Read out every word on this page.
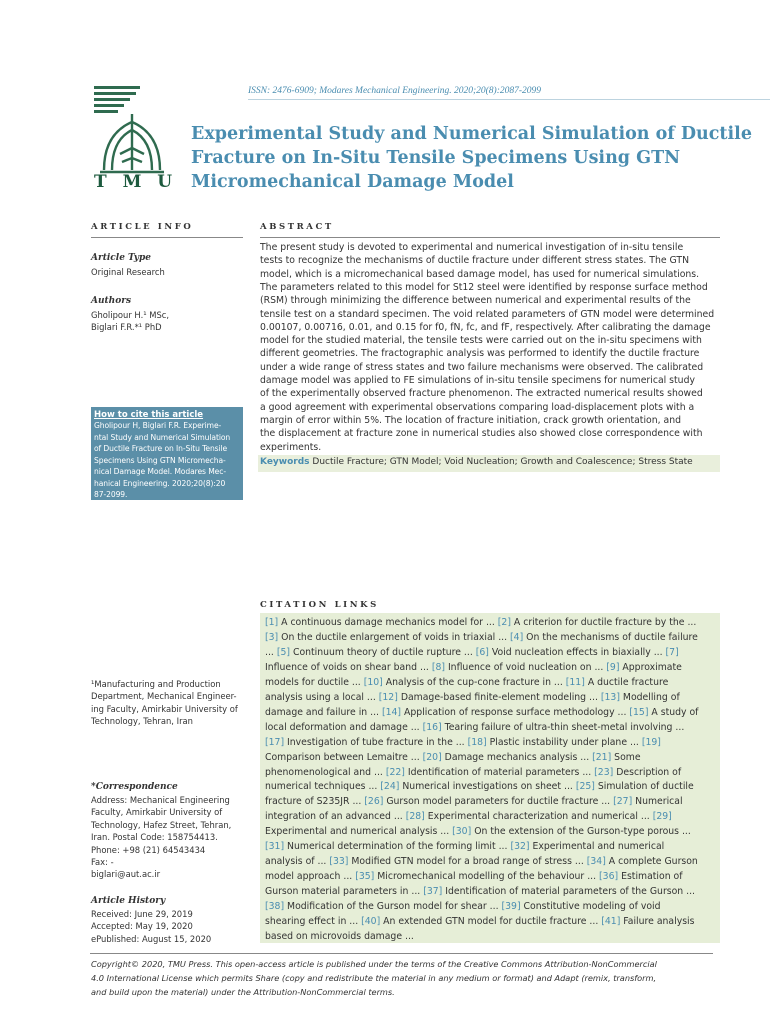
ISSN: 2476-6909; Modares Mechanical Engineering. 2020;20(8):2087-2099
T M U
Experimental Study and Numerical Simulation of Ductile
Fracture on In-Situ Tensile Specimens Using GTN
Micromechanical Damage Model
ARTICLE INFO
Article Type
Original Research
Authors
Gholipour H.¹ MSc,
Biglari F.R.*¹ PhD
How to cite this article
Gholipour H, Biglari F.R. Experime-
ntal Study and Numerical Simulation
of Ductile Fracture on In-Situ Tensile
Specimens Using GTN Micromecha-
nical Damage Model. Modares Mec-
hanical Engineering. 2020;20(8):20
87-2099.
¹Manufacturing and Production
Department, Mechanical Engineer-
ing Faculty, Amirkabir University of
Technology, Tehran, Iran
*Correspondence
Address: Mechanical Engineering
Faculty, Amirkabir University of
Technology, Hafez Street, Tehran,
Iran. Postal Code: 158754413.
Phone: +98 (21) 64543434
Fax: -
biglari@aut.ac.ir
Article History
Received: June 29, 2019
Accepted: May 19, 2020
ePublished: August 15, 2020
ABSTRACT
The present study is devoted to experimental and numerical investigation of in-situ tensile
tests to recognize the mechanisms of ductile fracture under different stress states. The GTN
model, which is a micromechanical based damage model, has used for numerical simulations.
The parameters related to this model for St12 steel were identified by response surface method
(RSM) through minimizing the difference between numerical and experimental results of the
tensile test on a standard specimen. The void related parameters of GTN model were determined
0.00107, 0.00716, 0.01, and 0.15 for f0, fN, fc, and fF, respectively. After calibrating the damage
model for the studied material, the tensile tests were carried out on the in-situ specimens with
different geometries. The fractographic analysis was performed to identify the ductile fracture
under a wide range of stress states and two failure mechanisms were observed. The calibrated
damage model was applied to FE simulations of in-situ tensile specimens for numerical study
of the experimentally observed fracture phenomenon. The extracted numerical results showed
a good agreement with experimental observations comparing load-displacement plots with a
margin of error within 5%. The location of fracture initiation, crack growth orientation, and
the displacement at fracture zone in numerical studies also showed close correspondence with
experiments.
Keywords Ductile Fracture; GTN Model; Void Nucleation; Growth and Coalescence; Stress State
CITATION LINKS
[1] A continuous damage mechanics model for ... [2] A criterion for ductile fracture by the ...
[3] On the ductile enlargement of voids in triaxial ... [4] On the mechanisms of ductile failure
... [5] Continuum theory of ductile rupture ... [6] Void nucleation effects in biaxially ... [7]
Influence of voids on shear band ... [8] Influence of void nucleation on ... [9] Approximate
models for ductile ... [10] Analysis of the cup-cone fracture in ... [11] A ductile fracture
analysis using a local ... [12] Damage-based finite-element modeling ... [13] Modelling of
damage and failure in ... [14] Application of response surface methodology ... [15] A study of
local deformation and damage ... [16] Tearing failure of ultra-thin sheet-metal involving ...
[17] Investigation of tube fracture in the ... [18] Plastic instability under plane ... [19]
Comparison between Lemaitre ... [20] Damage mechanics analysis ... [21] Some
phenomenological and ... [22] Identification of material parameters ... [23] Description of
numerical techniques ... [24] Numerical investigations on sheet ... [25] Simulation of ductile
fracture of S235JR ... [26] Gurson model parameters for ductile fracture ... [27] Numerical
integration of an advanced ... [28] Experimental characterization and numerical ... [29]
Experimental and numerical analysis ... [30] On the extension of the Gurson-type porous ...
[31] Numerical determination of the forming limit ... [32] Experimental and numerical
analysis of ... [33] Modified GTN model for a broad range of stress ... [34] A complete Gurson
model approach ... [35] Micromechanical modelling of the behaviour ... [36] Estimation of
Gurson material parameters in ... [37] Identification of material parameters of the Gurson ...
[38] Modification of the Gurson model for shear ... [39] Constitutive modeling of void
shearing effect in ... [40] An extended GTN model for ductile fracture ... [41] Failure analysis
based on microvoids damage ...
Copyright© 2020, TMU Press. This open-access article is published under the terms of the Creative Commons Attribution-NonCommercial
4.0 International License which permits Share (copy and redistribute the material in any medium or format) and Adapt (remix, transform,
and build upon the material) under the Attribution-NonCommercial terms.
